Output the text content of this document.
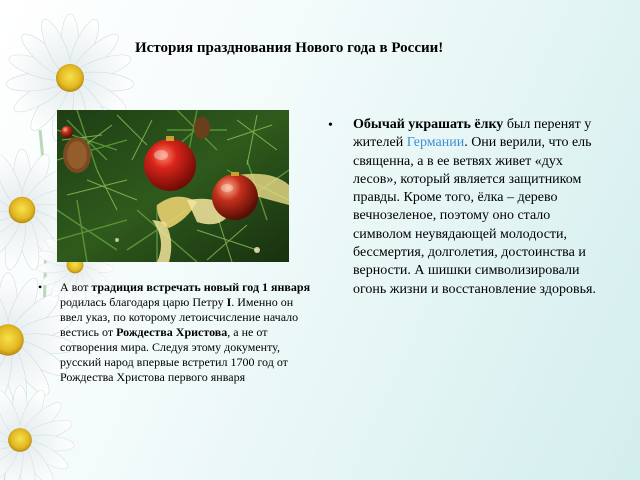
История празднования Нового года в России!
• А вот традиция встречать новый год 1 января родилась благодаря царю Петру I. Именно он ввел указ, по которому летоисчисление начало вестись от Рождества Христова, а не от сотворения мира. Следуя этому документу, русский народ впервые встретил 1700 год от Рождества Христова первого января
• Обычай украшать ёлку был перенят у жителей Германии. Они верили, что ель священна, а в ее ветвях живет «дух лесов», который является защитником правды. Кроме того, ёлка – дерево вечнозеленое, поэтому оно стало символом неувядающей молодости, бессмертия, долголетия, достоинства и верности. А шишки символизировали огонь жизни и восстановление здоровья.
